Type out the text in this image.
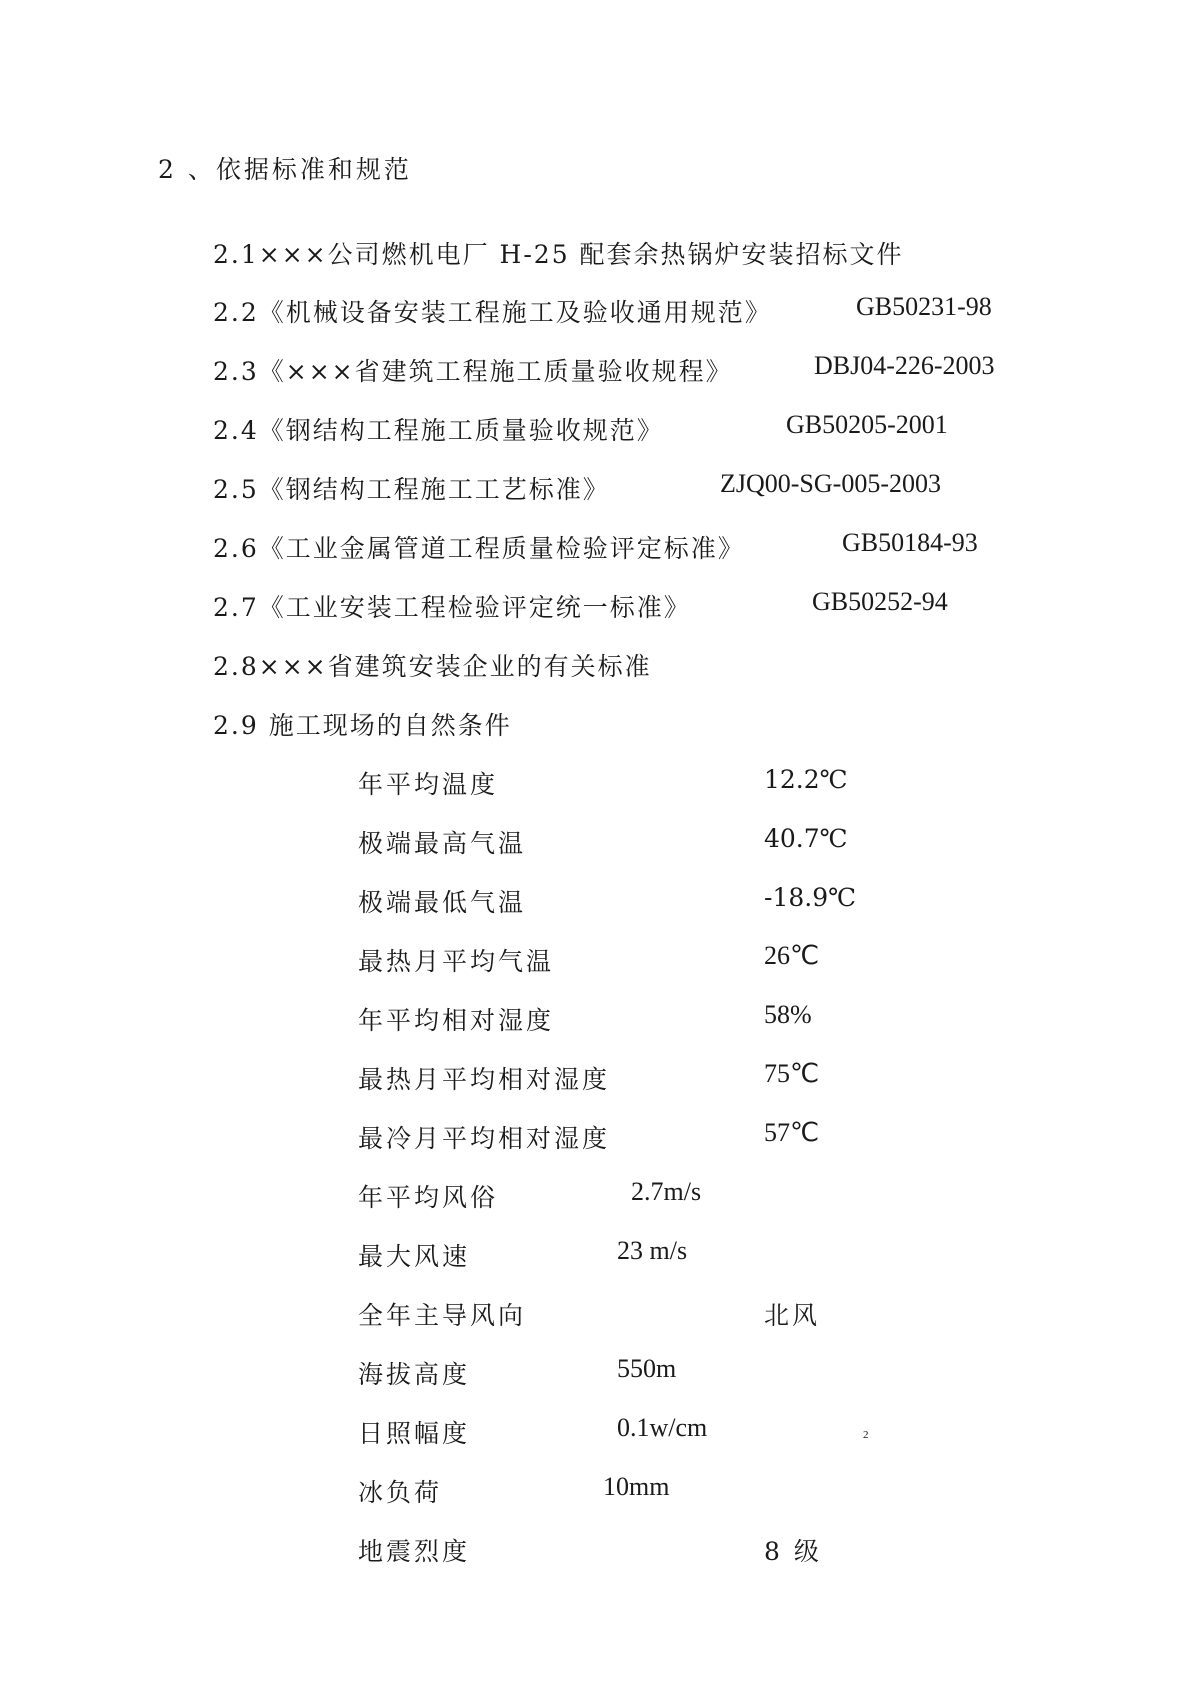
2 、依据标准和规范
2.1×××公司燃机电厂 H-25 配套余热锅炉安装招标文件
2.2《机械设备安装工程施工及验收通用规范》	GB50231-98
2.3《×××省建筑工程施工质量验收规程》	DBJ04-226-2003
2.4《钢结构工程施工质量验收规范》	GB50205-2001
2.5《钢结构工程施工工艺标准》	ZJQ00-SG-005-2003
2.6《工业金属管道工程质量检验评定标准》	GB50184-93
2.7《工业安装工程检验评定统一标准》	GB50252-94
2.8×××省建筑安装企业的有关标准
2.9 施工现场的自然条件
年平均温度	12.2℃
极端最高气温	40.7℃
极端最低气温	-18.9℃
最热月平均气温	26℃
年平均相对湿度	58%
最热月平均相对湿度	75℃
最冷月平均相对湿度	57℃
年平均风俗	2.7m/s
最大风速	23 m/s
全年主导风向	北风
海拔高度	550m
日照幅度	0.1w/cm	2
冰负荷	10mm
地震烈度	8 级
